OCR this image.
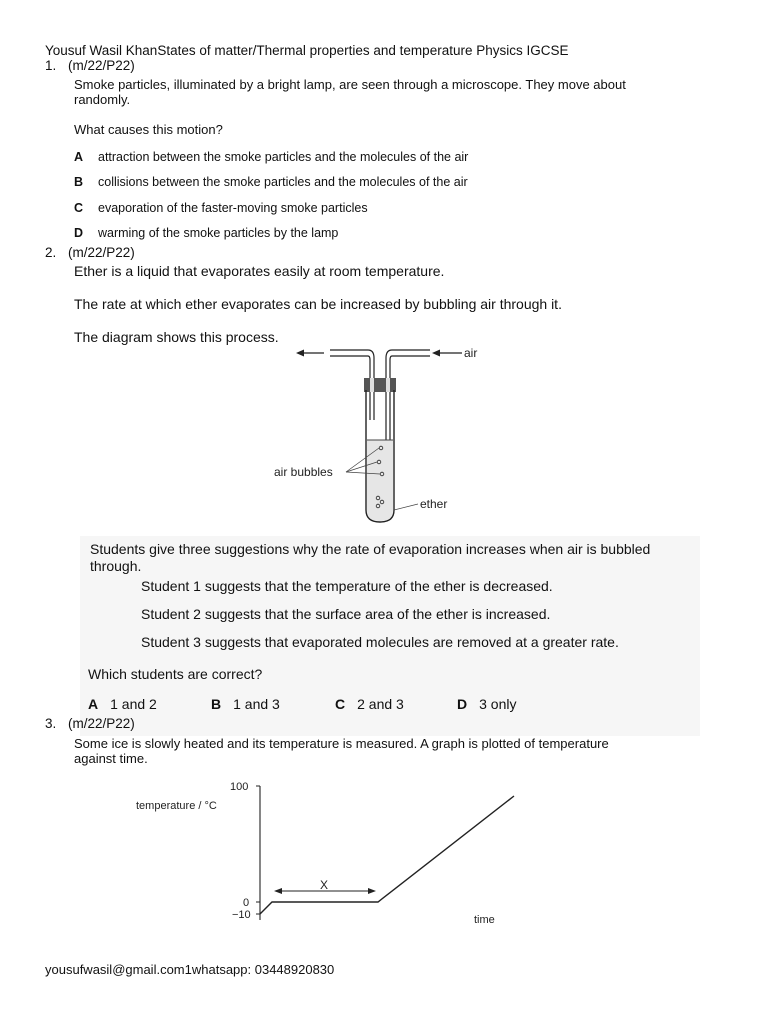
Yousuf Wasil KhanStates of matter/Thermal properties and temperature Physics IGCSE
1. (m/22/P22)
Smoke particles, illuminated by a bright lamp, are seen through a microscope. They move about randomly.
What causes this motion?
A attraction between the smoke particles and the molecules of the air
B collisions between the smoke particles and the molecules of the air
C evaporation of the faster-moving smoke particles
D warming of the smoke particles by the lamp
2. (m/22/P22)
Ether is a liquid that evaporates easily at room temperature.
The rate at which ether evaporates can be increased by bubbling air through it.
The diagram shows this process.
air
air bubbles
ether
Students give three suggestions why the rate of evaporation increases when air is bubbled through.
Student 1 suggests that the temperature of the ether is decreased.
Student 2 suggests that the surface area of the ether is increased.
Student 3 suggests that evaporated molecules are removed at a greater rate.
Which students are correct?
A 1 and 2	B 1 and 3	C 2 and 3	D 3 only
3. (m/22/P22)
Some ice is slowly heated and its temperature is measured. A graph is plotted of temperature against time.
temperature / °C
100
0
−10
X
time
yousufwasil@gmail.com1whatsapp: 03448920830
